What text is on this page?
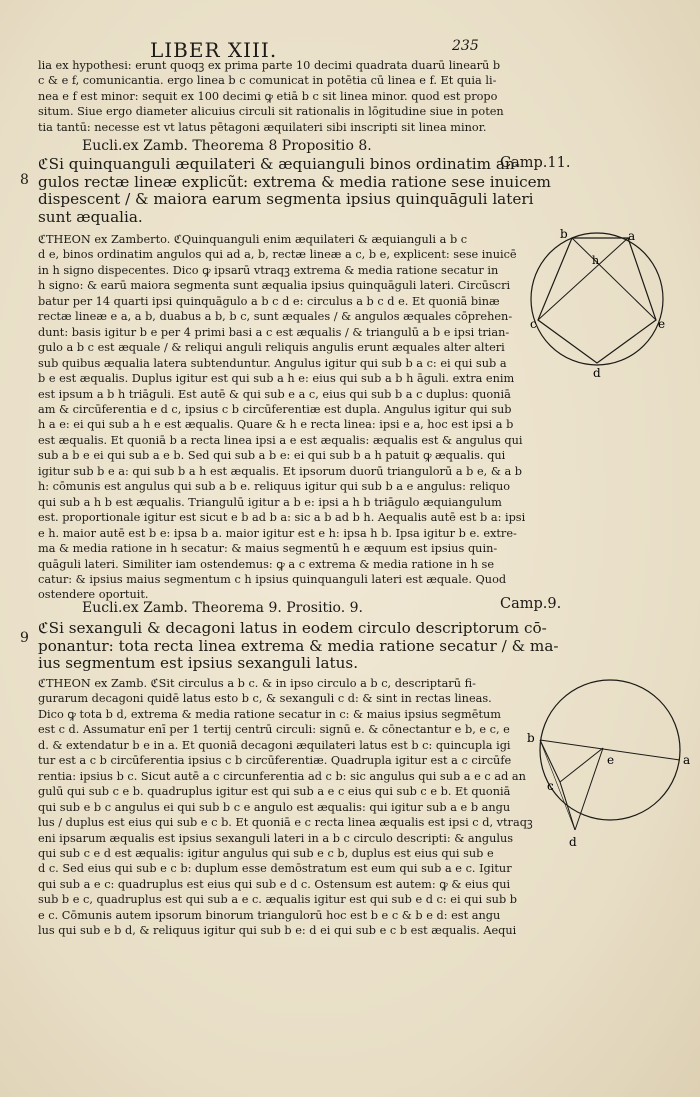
LIBER XIII.	235
lia ex hypothesi: erunt quoqꝫ ex prima parte 10 decimi quadrata duarū linearū b
c & e f, comunicantia. ergo linea b c comunicat in potētia cū linea e f. Et quia li-
nea e f est minor: sequit ex 100 decimi ꝙ etiā b c sit linea minor. quod est propo
situm. Siue ergo diameter alicuius circuli sit rationalis in lōgitudine siue in poten
tia tantū: necesse est vt latus pētagoni æquilateri sibi inscripti sit linea minor.
Eucli.ex Zamb. Theorema 8 Propositio 8.
8
Camp.11.
ℭSi quinquanguli æquilateri & æquianguli binos ordinatim an-
gulos rectæ lineæ explicũt: extrema & media ratione sese inuicem
dispescent / & maiora earum segmenta ipsius quinquāguli lateri
sunt æqualia.
ℭTHEON ex Zamberto. ℭQuinquanguli enim æquilateri & æquianguli a b c
d e, binos ordinatim angulos qui ad a, b, rectæ lineæ a c, b e, explicent: sese inuicē
in h signo dispecentes. Dico ꝙ ipsarū vtraqꝫ extrema & media ratione secatur in
h signo: & earū maiora segmenta sunt æqualia ipsius quinquāguli lateri. Circūscri
batur per 14 quarti ipsi quinquāgulo a b c d e: circulus a b c d e. Et quoniā binæ
rectæ lineæ e a, a b, duabus a b, b c, sunt æquales / & angulos æquales cōprehen-
dunt: basis igitur b e per 4 primi basi a c est æqualis / & triangulū a b e ipsi trian-
gulo a b c est æquale / & reliqui anguli reliquis angulis erunt æquales alter alteri
sub quibus æqualia latera subtenduntur. Angulus igitur qui sub b a c: ei qui sub a
b e est æqualis. Duplus igitur est qui sub a h e: eius qui sub a b h āguli. extra enim
est ipsum a b h triāguli. Est autē & qui sub e a c, eius qui sub b a c duplus: quoniā
am & circūferentia e d c, ipsius c b circūferentiæ est dupla. Angulus igitur qui sub
h a e: ei qui sub a h e est æqualis. Quare & h e recta linea: ipsi e a, hoc est ipsi a b
est æqualis. Et quoniā b a recta linea ipsi a e est æqualis: æqualis est & angulus qui
sub a b e ei qui sub a e b. Sed qui sub a b e: ei qui sub b a h patuit ꝙ æqualis. qui
igitur sub b e a: qui sub b a h est æqualis. Et ipsorum duorū triangulorū a b e, & a b
h: cōmunis est angulus qui sub a b e. reliquus igitur qui sub b a e angulus: reliquo
qui sub a h b est æqualis. Triangulū igitur a b e: ipsi a h b triāgulo æquiangulum
est. proportionale igitur est sicut e b ad b a: sic a b ad b h. Aequalis autē est b a: ipsi
e h. maior autē est b e: ipsa b a. maior igitur est e h: ipsa h b. Ipsa igitur b e. extre-
ma & media ratione in h secatur: & maius segmentū h e æquum est ipsius quin-
quāguli lateri. Similiter iam ostendemus: ꝙ a c extrema & media ratione in h se
catur: & ipsius maius segmentum c h ipsius quinquanguli lateri est æquale. Quod
ostendere oportuit.
b	a
h
c	e
d
Eucli.ex Zamb. Theorema 9. Prositio. 9.
9
Camp.9.
ℭSi sexanguli & decagoni latus in eodem circulo descriptorum cō-
ponantur: tota recta linea extrema & media ratione secatur / & ma-
ius segmentum est ipsius sexanguli latus.
ℭTHEON ex Zamb. ℭSit circulus a b c. & in ipso circulo a b c, descriptarū fi-
gurarum decagoni quidē latus esto b c, & sexanguli c d: & sint in rectas lineas.
Dico ꝙ tota b d, extrema & media ratione secatur in c: & maius ipsius segmētum
est c d. Assumatur enī per 1 tertij centrū circuli: signū e. & cōnectantur e b, e c, e
d. & extendatur b e in a. Et quoniā decagoni æquilateri latus est b c: quincupla igi
tur est a c b circūferentia ipsius c b circūferentiæ. Quadrupla igitur est a c circūfe
rentia: ipsius b c. Sicut autē a c circunferentia ad c b: sic angulus qui sub a e c ad an
gulū qui sub c e b. quadruplus igitur est qui sub a e c eius qui sub c e b. Et quoniā
qui sub e b c angulus ei qui sub b c e angulo est æqualis: qui igitur sub a e b angu
lus / duplus est eius qui sub e c b. Et quoniā e c recta linea æqualis est ipsi c d, vtraqꝫ
eni ipsarum æqualis est ipsius sexanguli lateri in a b c circulo descripti: & angulus
qui sub c e d est æqualis: igitur angulus qui sub e c b, duplus est eius qui sub e
d c. Sed eius qui sub e c b: duplum esse demōstratum est eum qui sub a e c. Igitur
qui sub a e c: quadruplus est eius qui sub e d c. Ostensum est autem: ꝙ & eius qui
sub b e c, quadruplus est qui sub a e c. æqualis igitur est qui sub e d c: ei qui sub b
e c. Cōmunis autem ipsorum binorum triangulorū hoc est b e c & b e d: est angu
lus qui sub e b d, & reliquus igitur qui sub b e: d ei qui sub e c b est æqualis. Aequi
b
a
e
c
d
